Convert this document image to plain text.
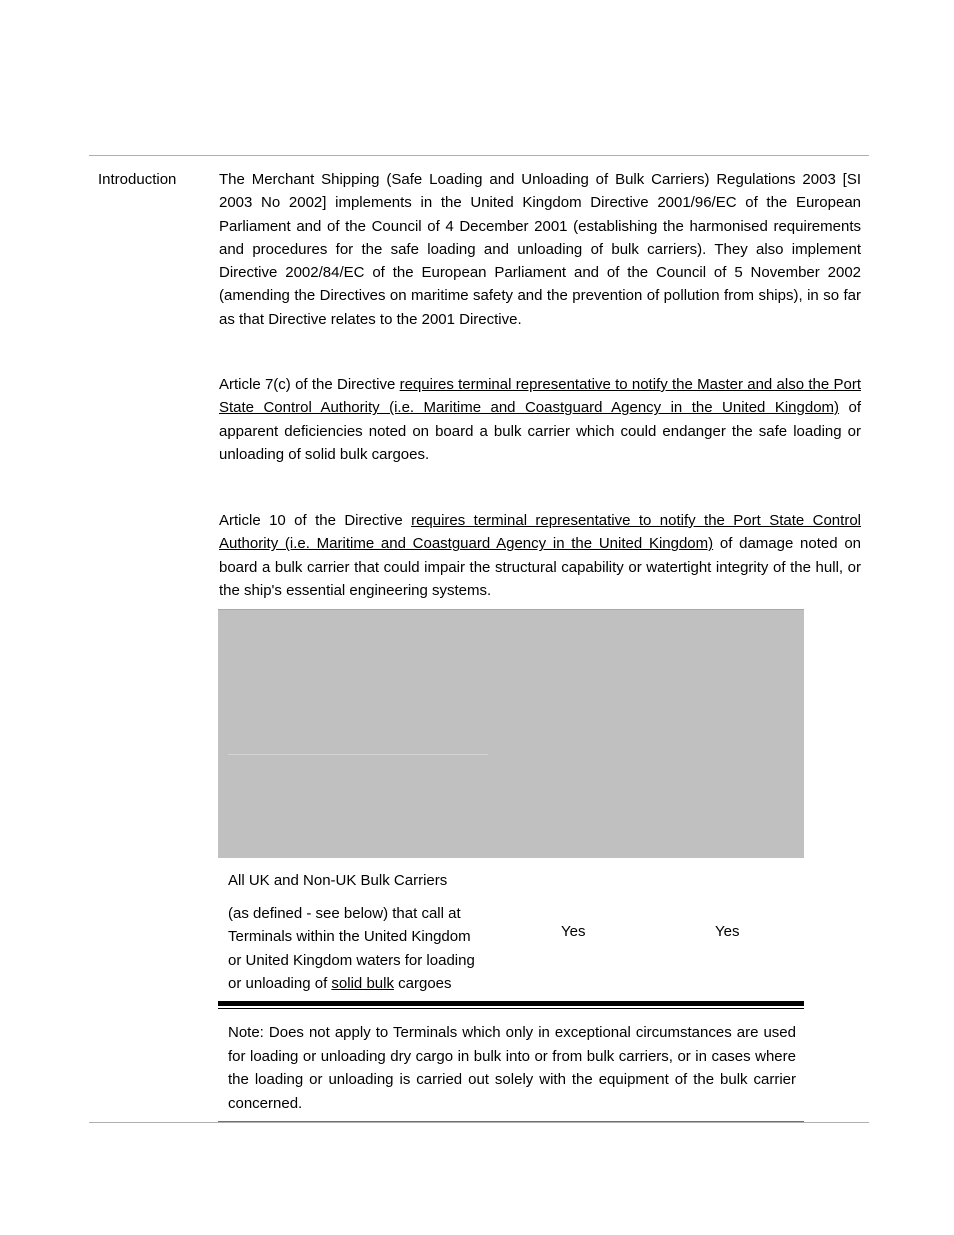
Introduction	The Merchant Shipping (Safe Loading and Unloading of Bulk Carriers) Regulations 2003 [SI 2003 No 2002] implements in the United Kingdom Directive 2001/96/EC of the European Parliament and of the Council of 4 December 2001 (establishing the harmonised requirements and procedures for the safe loading and unloading of bulk carriers). They also implement Directive 2002/84/EC of the European Parliament and of the Council of 5 November 2002 (amending the Directives on maritime safety and the prevention of pollution from ships), in so far as that Directive relates to the 2001 Directive.

Article 7(c) of the Directive requires terminal representative to notify the Master and also the Port State Control Authority (i.e. Maritime and Coastguard Agency in the United Kingdom) of apparent deficiencies noted on board a bulk carrier which could endanger the safe loading or unloading of solid bulk cargoes.

Article 10 of the Directive requires terminal representative to notify the Port State Control Authority (i.e. Maritime and Coastguard Agency in the United Kingdom) of damage noted on board a bulk carrier that could impair the structural capability or watertight integrity of the hull, or the ship's essential engineering systems.

All UK and Non-UK Bulk Carriers
(as defined - see below) that call at
Terminals within the United Kingdom
or United Kingdom waters for loading
or unloading of solid bulk cargoes
Yes	Yes

Note: Does not apply to Terminals which only in exceptional circumstances are used for loading or unloading dry cargo in bulk into or from bulk carriers, or in cases where the loading or unloading is carried out solely with the equipment of the bulk carrier concerned.
